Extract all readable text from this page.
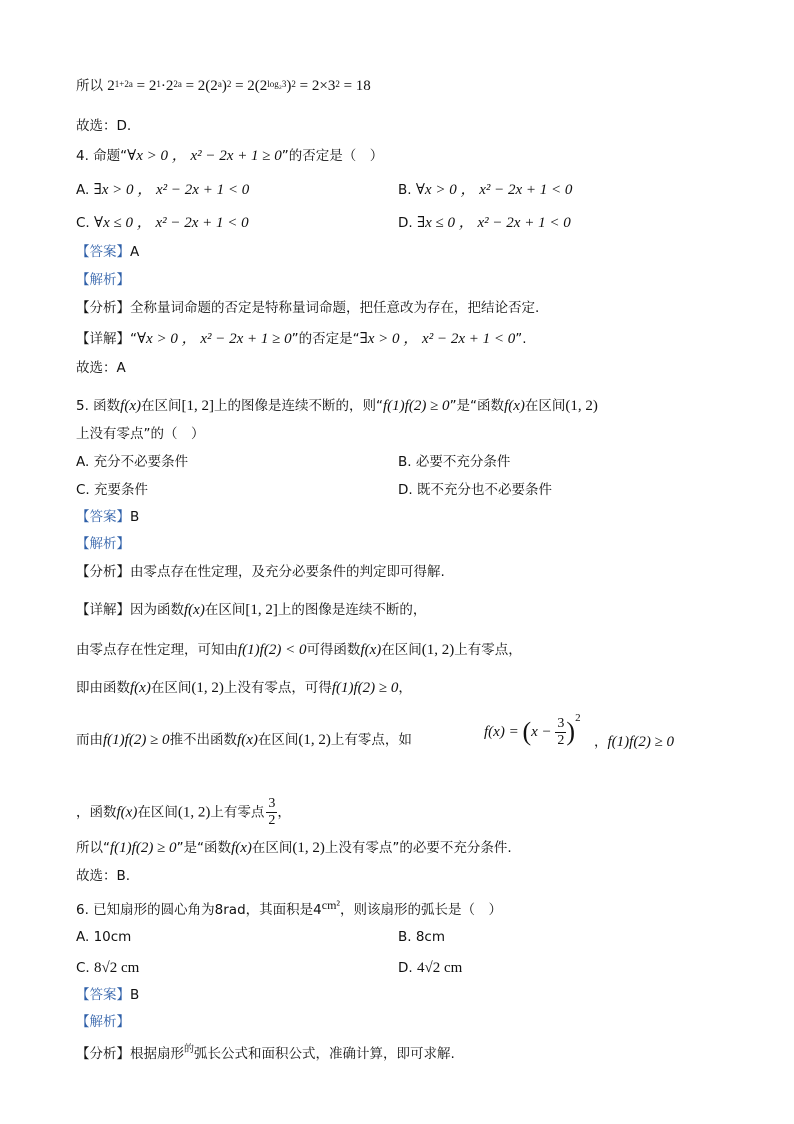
所以 $2^{1+2a} = 2^1\cdot 2^{2a} = 2(2^a)^2 = 2(2^{log_23})^2 = 2\times 3^2 = 18$
故选：D.
4. 命题“∀x > 0 ， x² − 2x + 1 ≥ 0”的否定是（　）
A. ∃x > 0 ， x² − 2x + 1 < 0	B. ∀x > 0 ， x² − 2x + 1 < 0
C. ∀x ≤ 0 ， x² − 2x + 1 < 0	D. ∃x ≤ 0 ， x² − 2x + 1 < 0
【答案】A
【解析】
【分析】全称量词命题的否定是特称量词命题，把任意改为存在，把结论否定.
【详解】“∀x > 0 ， x² − 2x + 1 ≥ 0”的否定是“∃x > 0 ， x² − 2x + 1 < 0”.
故选：A
5. 函数f(x)在区间[1, 2]上的图像是连续不断的，则“f(1)f(2) ≥ 0”是“函数f(x)在区间(1, 2)
上没有零点”的（　）
A. 充分不必要条件	B. 必要不充分条件
C. 充要条件	D. 既不充分也不必要条件
【答案】B
【解析】
【分析】由零点存在性定理，及充分必要条件的判定即可得解.
【详解】因为函数f(x)在区间[1, 2]上的图像是连续不断的，
由零点存在性定理，可知由f(1)f(2) < 0可得函数f(x)在区间(1, 2)上有零点，
即由函数f(x)在区间(1, 2)上没有零点，可得f(1)f(2) ≥ 0，
而由f(1)f(2) ≥ 0推不出函数f(x)在区间(1, 2)上有零点，如	$f(x) = (x - \frac{3}{2} )^2$
，f(1)f(2) ≥ 0
，函数f(x)在区间(1, 2)上有零点 $\frac{3}{2}$ ，
所以“f(1)f(2) ≥ 0”是“函数f(x)在区间(1, 2)上没有零点”的必要不充分条件.
故选：B.
6. 已知扇形的圆心角为8rad，其面积是4cm²，则该扇形的弧长是（　）
A. 10cm	B. 8cm
C. 8√2 cm	D. 4√2 cm
【答案】B
【解析】
【分析】根据扇形$^的$弧长公式和面积公式，准确计算，即可求解.
